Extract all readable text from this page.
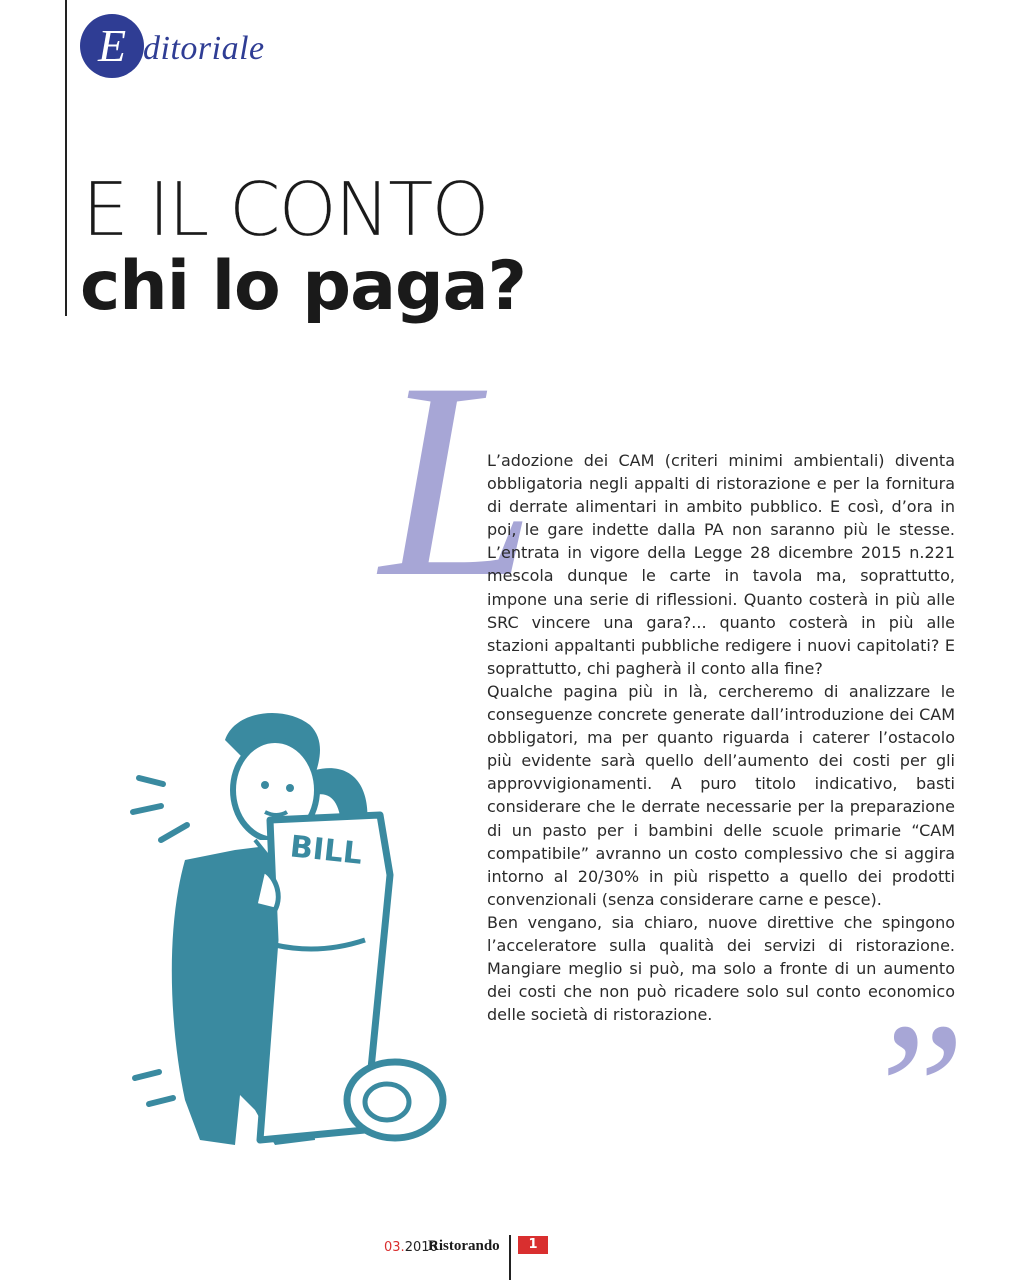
E ditoriale
E IL CONTO
chi lo paga?
L

L’adozione dei CAM (criteri minimi ambientali) diventa obbligatoria negli appalti di ristorazione e per la fornitura di derrate alimentari in ambito pubblico. E così, d’ora in poi, le gare indette dalla PA non saranno più le stesse. L’entrata in vigore della Legge 28 dicembre 2015 n.221 mescola dunque le carte in tavola ma, soprattutto, impone una serie di riflessioni. Quanto costerà in più alle SRC vincere una gara?... quanto costerà in più alle stazioni appaltanti pubbliche redigere i nuovi capitolati? E soprattutto, chi pagherà il conto alla fine?

Qualche pagina più in là, cercheremo di analizzare le conseguenze concrete generate dall’introduzione dei CAM obbligatori, ma per quanto riguarda i caterer l’ostacolo più evidente sarà quello dell’aumento dei costi per gli approvvigionamenti. A puro titolo indicativo, basti considerare che le derrate necessarie per la preparazione di un pasto per i bambini delle scuole primarie “CAM compatibile” avranno un costo complessivo che si aggira intorno al 20/30% in più rispetto a quello dei prodotti convenzionali (senza considerare carne e pesce).

Ben vengano, sia chiaro, nuove direttive che spingono l’acceleratore sulla qualità dei servizi di ristorazione. Mangiare meglio si può, ma solo a fronte di un aumento dei costi che non può ricadere solo sul conto economico delle società di ristorazione. ”
BILL
03.2016
Ristorando	1
